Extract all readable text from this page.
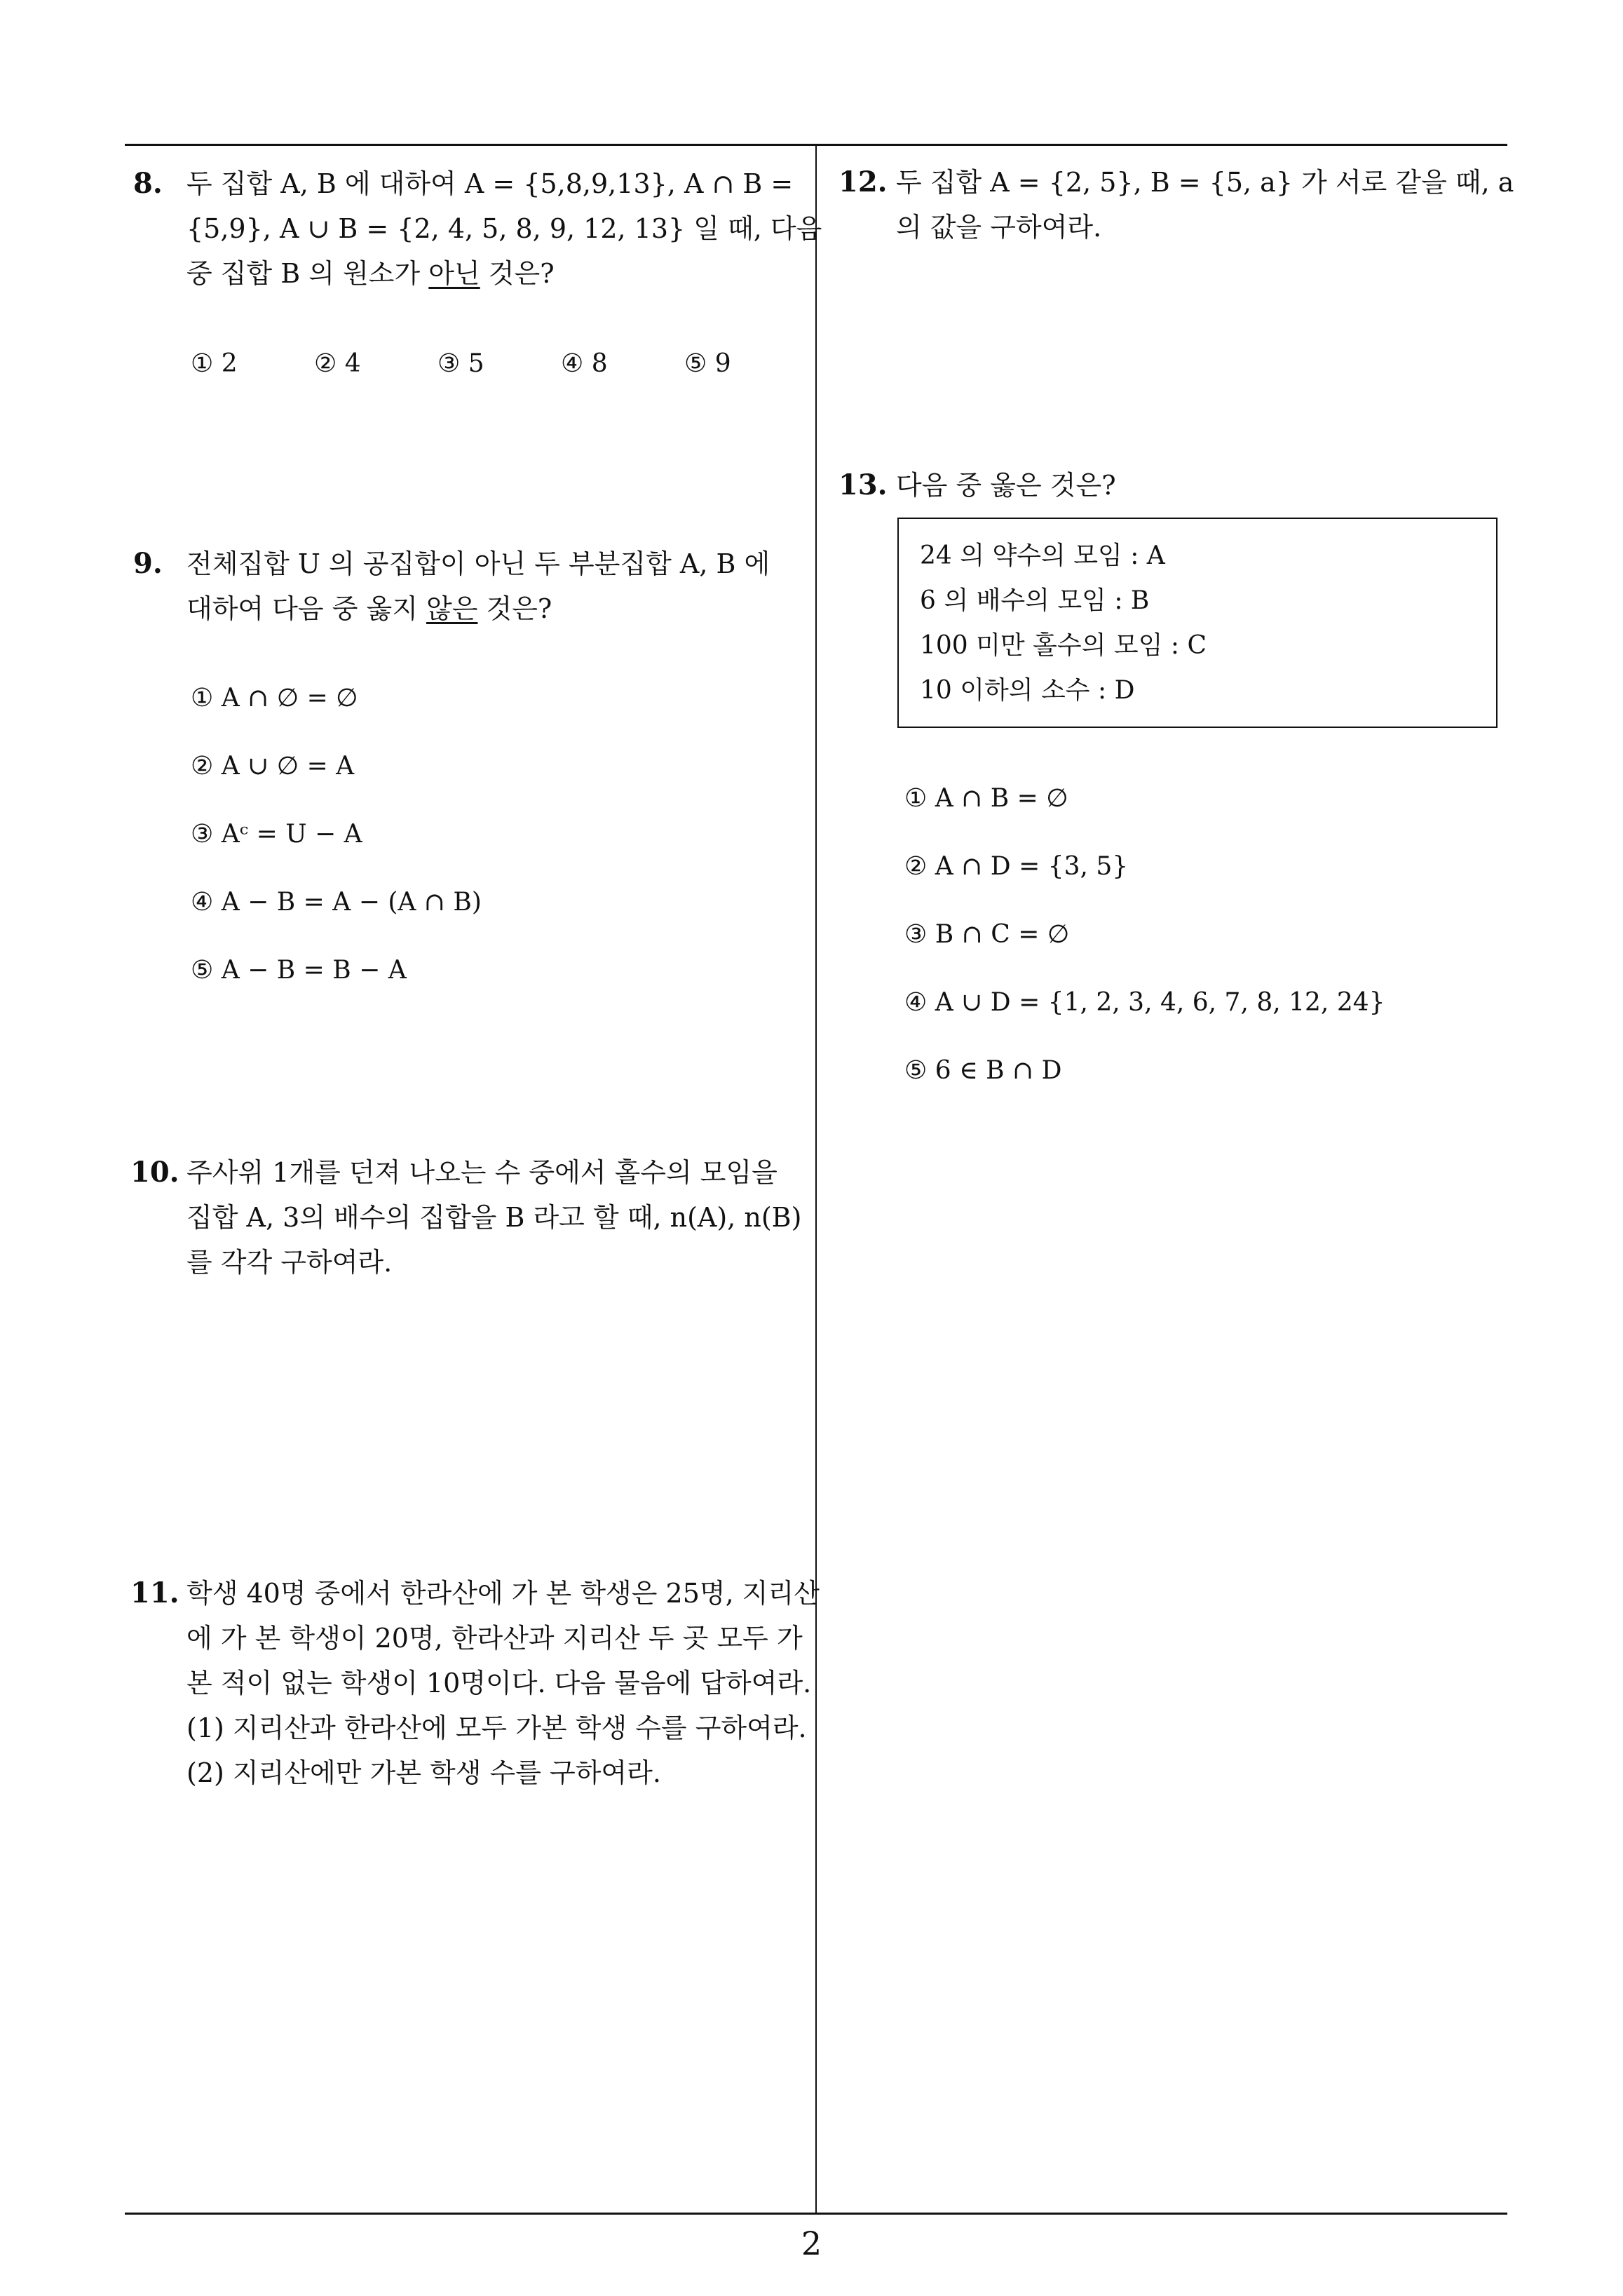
8. 두 집합 A, B 에 대하여 A = {5,8,9,13}, A ∩ B =
{5,9}, A ∪ B = {2, 4, 5, 8, 9, 12, 13} 일 때, 다음
중 집합 B 의 원소가 아닌 것은?
① 2	② 4	③ 5	④ 8	⑤ 9
9. 전체집합 U 의 공집합이 아닌 두 부분집합 A, B 에
대하여 다음 중 옳지 않은 것은?
① A ∩ ∅ = ∅
② A ∪ ∅ = A
③ Aᶜ = U − A
④ A − B = A − (A ∩ B)
⑤ A − B = B − A
10. 주사위 1개를 던져 나오는 수 중에서 홀수의 모임을
집합 A, 3의 배수의 집합을 B 라고 할 때, n(A), n(B)
를 각각 구하여라.
11. 학생 40명 중에서 한라산에 가 본 학생은 25명, 지리산
에 가 본 학생이 20명, 한라산과 지리산 두 곳 모두 가
본 적이 없는 학생이 10명이다. 다음 물음에 답하여라.
(1) 지리산과 한라산에 모두 가본 학생 수를 구하여라.
(2) 지리산에만 가본 학생 수를 구하여라.
12. 두 집합 A = {2, 5}, B = {5, a} 가 서로 같을 때, a
의 값을 구하여라.
13. 다음 중 옳은 것은?
24 의 약수의 모임 : A
6 의 배수의 모임 : B
100 미만 홀수의 모임 : C
10 이하의 소수 : D
① A ∩ B = ∅
② A ∩ D = {3, 5}
③ B ∩ C = ∅
④ A ∪ D = {1, 2, 3, 4, 6, 7, 8, 12, 24}
⑤ 6 ∈ B ∩ D
2
